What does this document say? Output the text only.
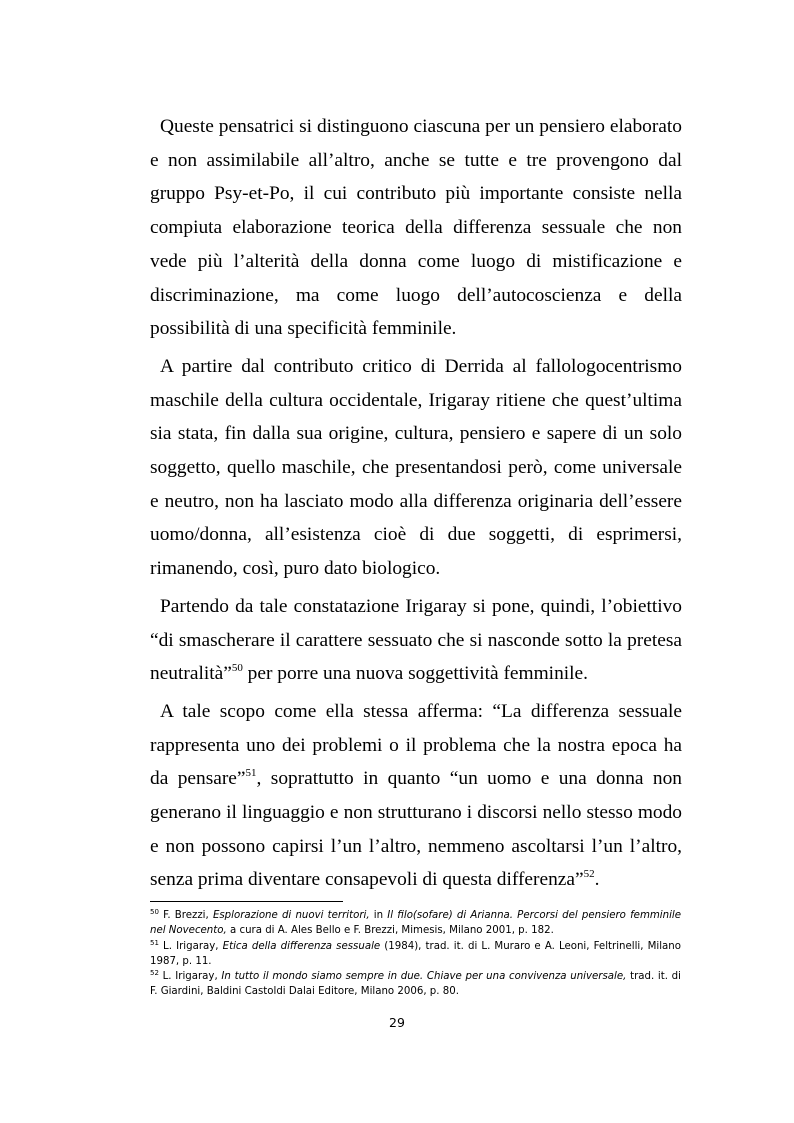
Queste pensatrici si distinguono ciascuna per un pensiero elaborato e non assimilabile all’altro, anche se tutte e tre provengono dal gruppo Psy-et-Po, il cui contributo più importante consiste nella compiuta elaborazione teorica della differenza sessuale che non vede più l’alterità della donna come luogo di mistificazione e discriminazione, ma come luogo dell’autocoscienza e della possibilità di una specificità femminile.

A partire dal contributo critico di Derrida al fallologocentrismo maschile della cultura occidentale, Irigaray ritiene che quest’ultima sia stata, fin dalla sua origine, cultura, pensiero e sapere di un solo soggetto, quello maschile, che presentandosi però, come universale e neutro, non ha lasciato modo alla differenza originaria dell’essere uomo/donna, all’esistenza cioè di due soggetti, di esprimersi, rimanendo, così, puro dato biologico.

Partendo da tale constatazione Irigaray si pone, quindi, l’obiettivo “di smascherare il carattere sessuato che si nasconde sotto la pretesa neutralità”$^{50}$ per porre una nuova soggettività femminile.

A tale scopo come ella stessa afferma: “La differenza sessuale rappresenta uno dei problemi o il problema che la nostra epoca ha da pensare”$^{51}$, soprattutto in quanto “un uomo e una donna non generano il linguaggio e non strutturano i discorsi nello stesso modo e non possono capirsi l’un l’altro, nemmeno ascoltarsi l’un l’altro, senza prima diventare consapevoli di questa differenza”$^{52}$.

$^{50}$ F. Brezzi, Esplorazione di nuovi territori, in Il filo(sofare) di Arianna. Percorsi del pensiero femminile nel Novecento, a cura di A. Ales Bello e F. Brezzi, Mimesis, Milano 2001, p. 182.

$^{51}$ L. Irigaray, Etica della differenza sessuale (1984), trad. it. di L. Muraro e A. Leoni, Feltrinelli, Milano 1987, p. 11.

$^{52}$ L. Irigaray, In tutto il mondo siamo sempre in due. Chiave per una convivenza universale, trad. it. di F. Giardini, Baldini Castoldi Dalai Editore, Milano 2006, p. 80.

29
